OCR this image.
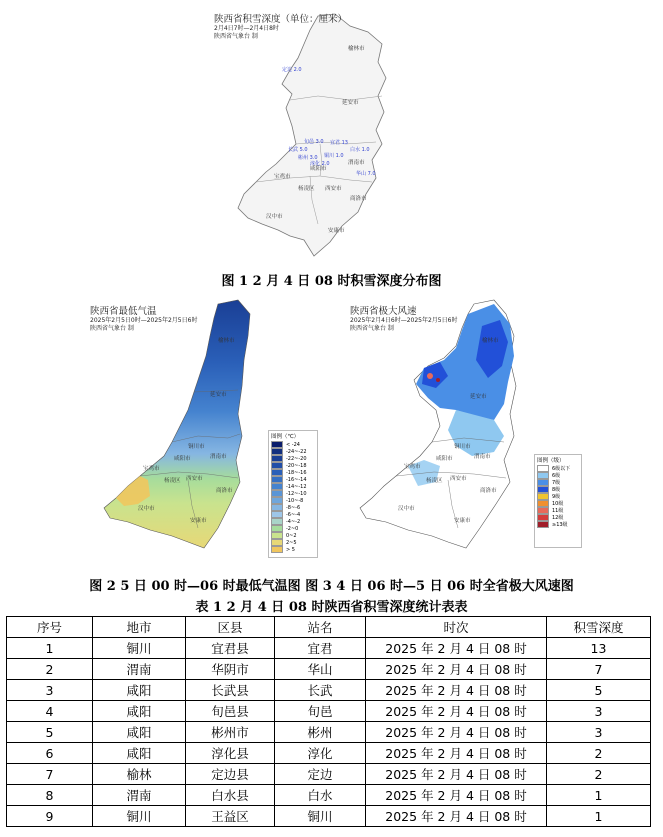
陕西省积雪深度（单位：厘米）
2月4日7时—2月4日8时
陕西省气象台 制
榆林市
延安市
宝鸡市
杨凌区
咸阳市
渭南市
西安市
商洛市
汉中市
安康市
定边 2.0
长武 5.0
宜君 13
旬邑 3.0
彬州 3.0
淳化 2.0
华山 7.0
白水 1.0
铜川 1.0
图 1 2 月 4 日 08 时积雪深度分布图
陕西省最低气温
2025年2月5日0时—2025年2月5日6时
陕西省气象台 制
榆林市
延安市
铜川市
宝鸡市
咸阳市	渭南市
杨凌区 西安市
汉中市
商洛市
安康市
图例（℃）
< -24
-24~-22
-22~-20
-20~-18
-18~-16
-16~-14
-14~-12
-12~-10
-10~-8
-8~-6
-6~-4
-4~-2
-2~0
0~2
2~5
> 5
陕西省极大风速
2025年2月4日6时—2025年2月5日6时
陕西省气象台 制
榆林市
延安市
铜川市
宝鸡市
咸阳市	渭南市
杨凌区 西安市
汉中市
商洛市
安康市
图例（级）
6级以下
6级
7级
8级
9级
10级
11级
12级
≥13级
图 2 5 日 00 时—06 时最低气温图 图 3 4 日 06 时—5 日 06 时全省极大风速图
表 1 2 月 4 日 08 时陕西省积雪深度统计表表
序号	地市	区县	站名	时次	积雪深度
1	铜川	宜君县	宜君	2025 年 2 月 4 日 08 时	13
2	渭南	华阴市	华山	2025 年 2 月 4 日 08 时	7
3	咸阳	长武县	长武	2025 年 2 月 4 日 08 时	5
4	咸阳	旬邑县	旬邑	2025 年 2 月 4 日 08 时	3
5	咸阳	彬州市	彬州	2025 年 2 月 4 日 08 时	3
6	咸阳	淳化县	淳化	2025 年 2 月 4 日 08 时	2
7	榆林	定边县	定边	2025 年 2 月 4 日 08 时	2
8	渭南	白水县	白水	2025 年 2 月 4 日 08 时	1
9	铜川	王益区	铜川	2025 年 2 月 4 日 08 时	1
